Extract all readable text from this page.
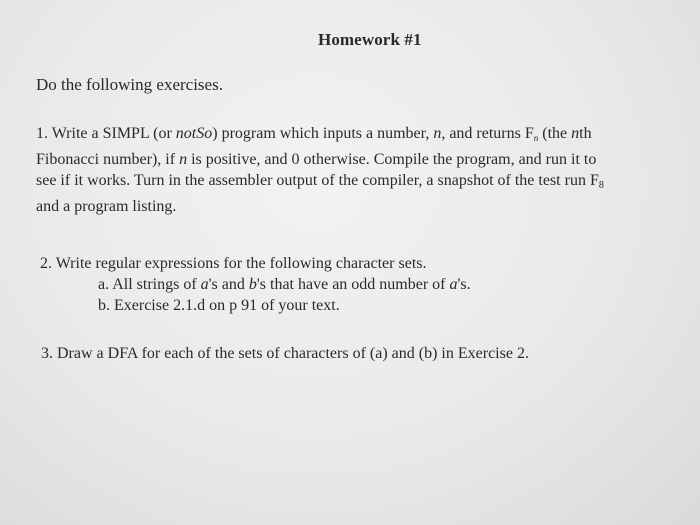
Homework #1
Do the following exercises.
1. Write a SIMPL (or notSo) program which inputs a number, n, and returns Fn (the nth
Fibonacci number), if n is positive, and 0 otherwise. Compile the program, and run it to
see if it works. Turn in the assembler output of the compiler, a snapshot of the test run F8
and a program listing.
2. Write regular expressions for the following character sets.
a. All strings of a's and b's that have an odd number of a's.
b. Exercise 2.1.d on p 91 of your text.
3. Draw a DFA for each of the sets of characters of (a) and (b) in Exercise 2.
